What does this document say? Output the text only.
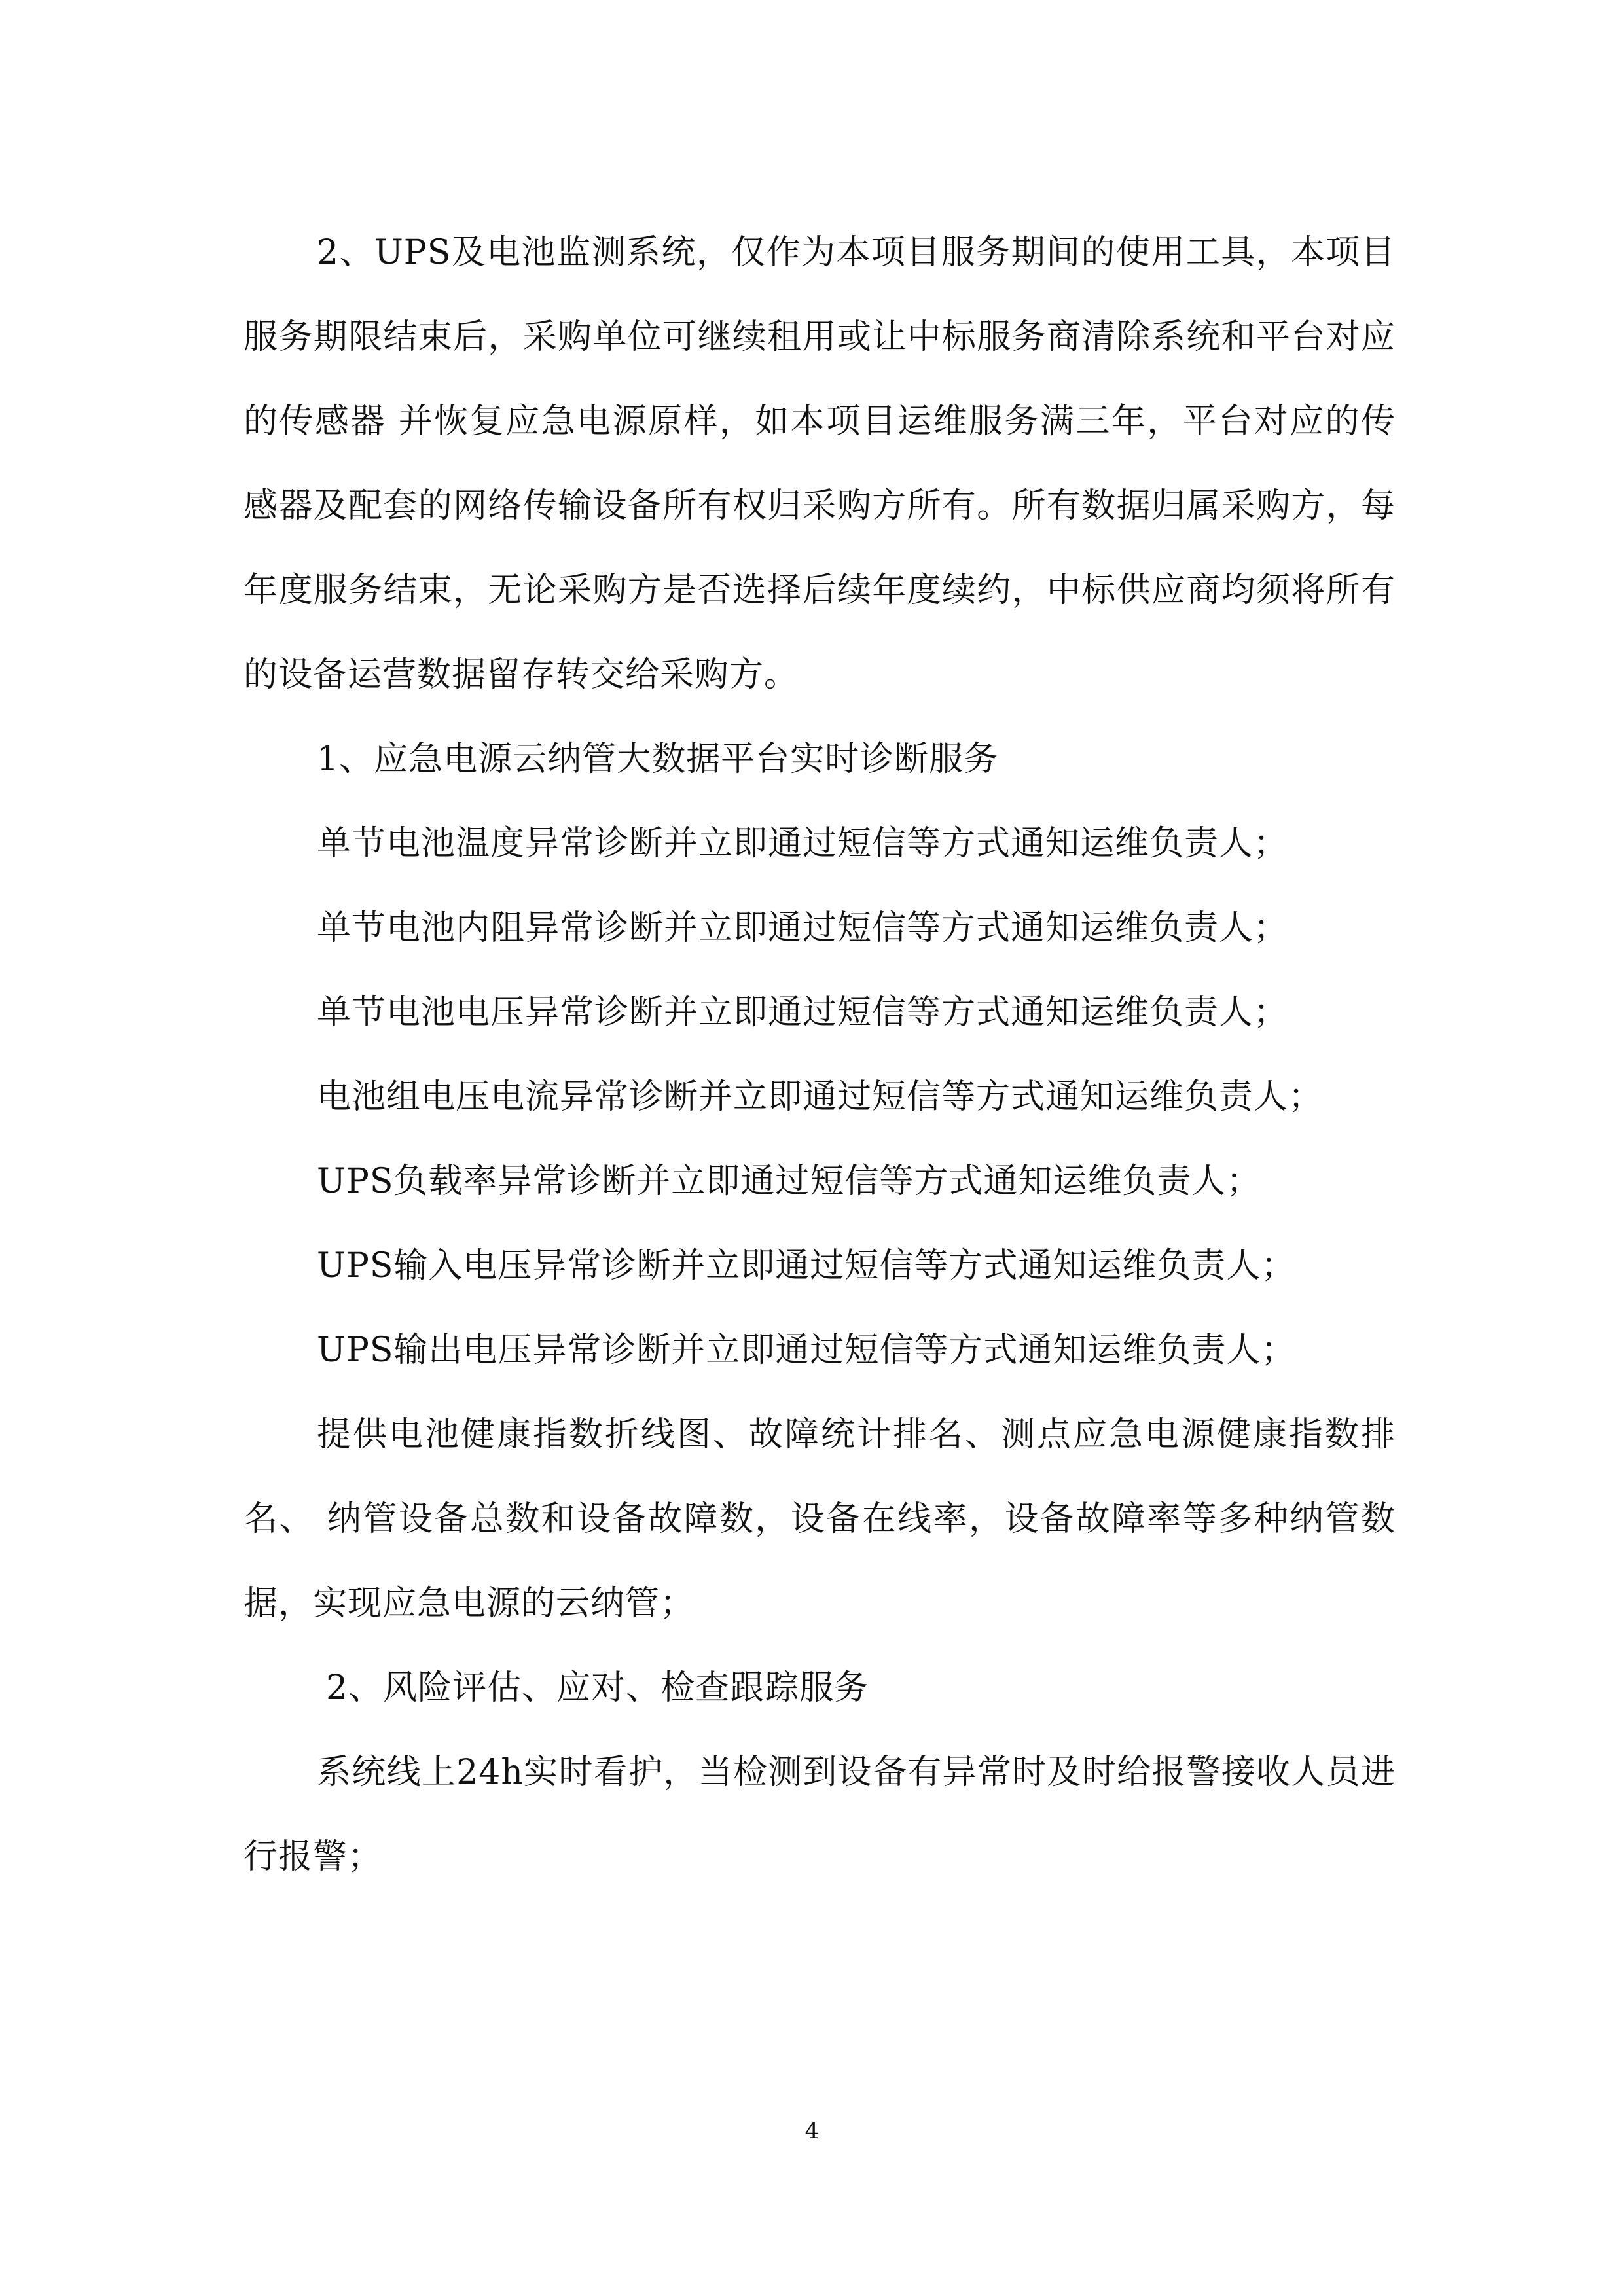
2、UPS及电池监测系统，仅作为本项目服务期间的使用工具，本项目服务期限结束后，采购单位可继续租用或让中标服务商清除系统和平台对应的传感器 并恢复应急电源原样，如本项目运维服务满三年，平台对应的传感器及配套的网络传输设备所有权归采购方所有。所有数据归属采购方，每年度服务结束，无论采购方是否选择后续年度续约，中标供应商均须将所有的设备运营数据留存转交给采购方。

1、应急电源云纳管大数据平台实时诊断服务

单节电池温度异常诊断并立即通过短信等方式通知运维负责人；

单节电池内阻异常诊断并立即通过短信等方式通知运维负责人；

单节电池电压异常诊断并立即通过短信等方式通知运维负责人；

电池组电压电流异常诊断并立即通过短信等方式通知运维负责人；

UPS负载率异常诊断并立即通过短信等方式通知运维负责人；

UPS输入电压异常诊断并立即通过短信等方式通知运维负责人；

UPS输出电压异常诊断并立即通过短信等方式通知运维负责人；

提供电池健康指数折线图、故障统计排名、测点应急电源健康指数排名、 纳管设备总数和设备故障数，设备在线率，设备故障率等多种纳管数据，实现应急电源的云纳管；

2、风险评估、应对、检查跟踪服务

系统线上24h实时看护，当检测到设备有异常时及时给报警接收人员进行报警；

4
